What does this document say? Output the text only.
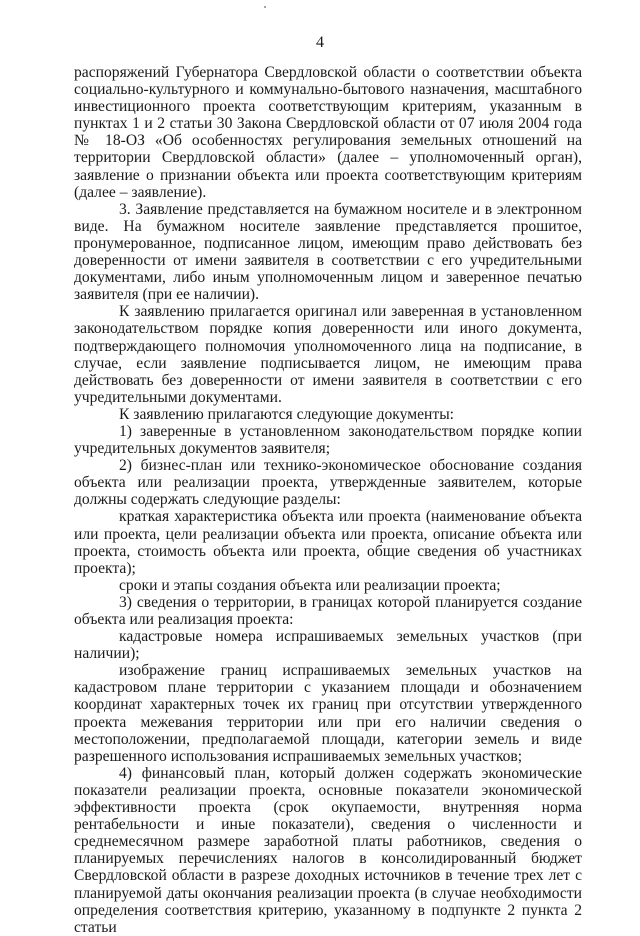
4

распоряжений Губернатора Свердловской области о соответствии объекта социально-культурного и коммунально-бытового назначения, масштабного инвестиционного проекта соответствующим критериям, указанным в пунктах 1 и 2 статьи 30 Закона Свердловской области от 07 июля 2004 года № 18-ОЗ «Об особенностях регулирования земельных отношений на территории Свердловской области» (далее – уполномоченный орган), заявление о признании объекта или проекта соответствующим критериям (далее – заявление).

3. Заявление представляется на бумажном носителе и в электронном виде. На бумажном носителе заявление представляется прошитое, пронумерованное, подписанное лицом, имеющим право действовать без доверенности от имени заявителя в соответствии с его учредительными документами, либо иным уполномоченным лицом и заверенное печатью заявителя (при ее наличии).

К заявлению прилагается оригинал или заверенная в установленном законодательством порядке копия доверенности или иного документа, подтверждающего полномочия уполномоченного лица на подписание, в случае, если заявление подписывается лицом, не имеющим права действовать без доверенности от имени заявителя в соответствии с его учредительными документами.

К заявлению прилагаются следующие документы:

1) заверенные в установленном законодательством порядке копии учредительных документов заявителя;

2) бизнес-план или технико-экономическое обоснование создания объекта или реализации проекта, утвержденные заявителем, которые должны содержать следующие разделы:

краткая характеристика объекта или проекта (наименование объекта или проекта, цели реализации объекта или проекта, описание объекта или проекта, стоимость объекта или проекта, общие сведения об участниках проекта);

сроки и этапы создания объекта или реализации проекта;

3) сведения о территории, в границах которой планируется создание объекта или реализация проекта:

кадастровые номера испрашиваемых земельных участков (при наличии);

изображение границ испрашиваемых земельных участков на кадастровом плане территории с указанием площади и обозначением координат характерных точек их границ при отсутствии утвержденного проекта межевания территории или при его наличии сведения о местоположении, предполагаемой площади, категории земель и виде разрешенного использования испрашиваемых земельных участков;

4) финансовый план, который должен содержать экономические показатели реализации проекта, основные показатели экономической эффективности проекта (срок окупаемости, внутренняя норма рентабельности и иные показатели), сведения о численности и среднемесячном размере заработной платы работников, сведения о планируемых перечислениях налогов в консолидированный бюджет Свердловской области в разрезе доходных источников в течение трех лет с планируемой даты окончания реализации проекта (в случае необходимости определения соответствия критерию, указанному в подпункте 2 пункта 2 статьи
